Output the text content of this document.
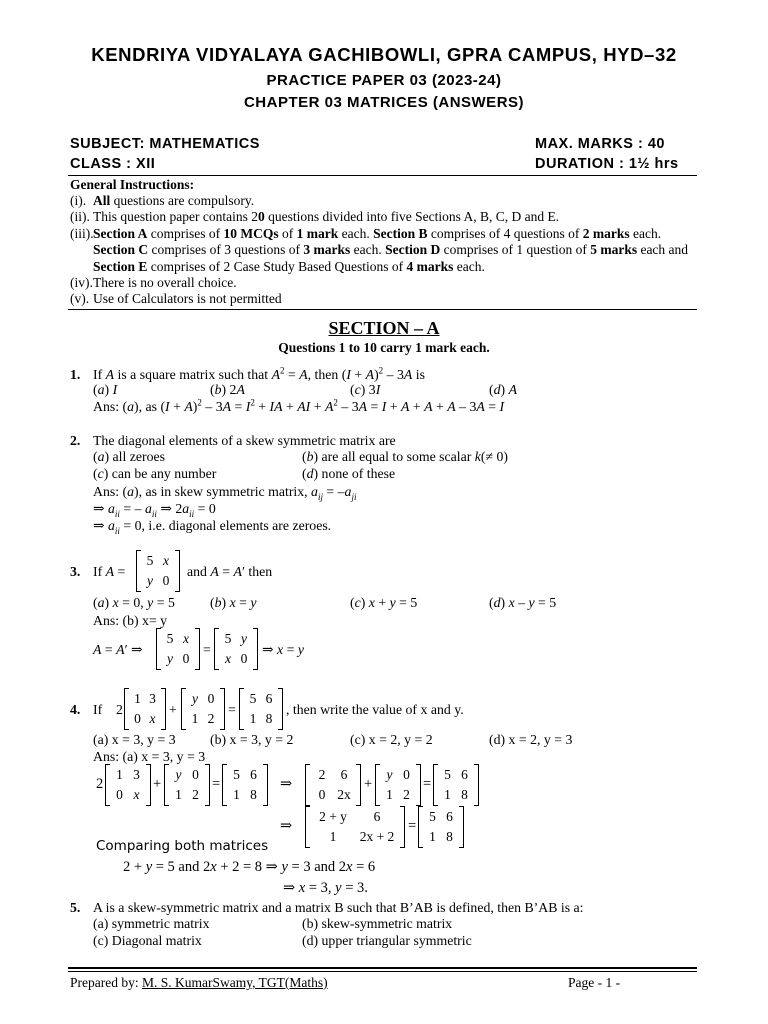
KENDRIYA VIDYALAYA GACHIBOWLI, GPRA CAMPUS, HYD–32
PRACTICE PAPER 03 (2023-24)
CHAPTER 03 MATRICES (ANSWERS)
SUBJECT: MATHEMATICS	MAX. MARKS : 40
CLASS : XII	DURATION : 1½ hrs
General Instructions:
(i). All questions are compulsory.
(ii). This question paper contains 20 questions divided into five Sections A, B, C, D and E.
(iii). Section A comprises of 10 MCQs of 1 mark each. Section B comprises of 4 questions of 2 marks each. Section C comprises of 3 questions of 3 marks each. Section D comprises of 1 question of 5 marks each and Section E comprises of 2 Case Study Based Questions of 4 marks each.
(iv). There is no overall choice.
(v). Use of Calculators is not permitted
SECTION – A
Questions 1 to 10 carry 1 mark each.
1. If A is a square matrix such that $A^2 = A$, then $(I + A)^2 - 3A$ is
(a) I	(b) 2A	(c) 3I	(d) A
Ans: (a), as $(I + A)^2 - 3A = I^2$ + IA + AI + $A^2 - 3A = I + A + A + A - 3A = I$
2. The diagonal elements of a skew symmetric matrix are
(a) all zeroes	(b) are all equal to some scalar k(≠ 0)
(c) can be any number	(d) none of these
Ans: (a), as in skew symmetric matrix, $a_{ij} = -a_{ji}$
⇒ $a_{ii}$ = – $a_{ii}$ ⇒ $2a_{ii} = 0$
⇒ $a_{ii} = 0$, i.e. diagonal elements are zeroes.
3. If A =
5 x
y 0
and A = A′ then
(a) x = 0, y = 5	(b) x = y	(c) x + y = 5	(d) x – y = 5
Ans: (b) x= y
A = A′ ⇒
5 x
y 0
=
5 y
x 0
⇒ x = y
4. If 2
1 3
0 x
+
y 0
1 2
=
5 6
1 8
, then write the value of x and y.
(a) x = 3, y = 3 (b) x = 3, y = 2	(c) x = 2, y = 2	(d) x = 2, y = 3
Ans: (a) x = 3, y = 3
2
1 3
0 x
+
y 0
1 2
=
5 6
1 8
⇒
2	6
0 2x
+
y 0
1 2
=
5 6
1 8
⇒
2 + y	6
1	2x + 2
=
5 6
1 8
Comparing both matrices
2 + y = 5 and 2x + 2 = 8 ⇒ y = 3 and 2x = 6
⇒ x = 3, y = 3.
5. A is a skew-symmetric matrix and a matrix B such that B’AB is defined, then B’AB is a:
(a) symmetric matrix	(b) skew-symmetric matrix
(c) Diagonal matrix	(d) upper triangular symmetric
Prepared by: M. S. KumarSwamy, TGT(Maths)	Page - 1 -
